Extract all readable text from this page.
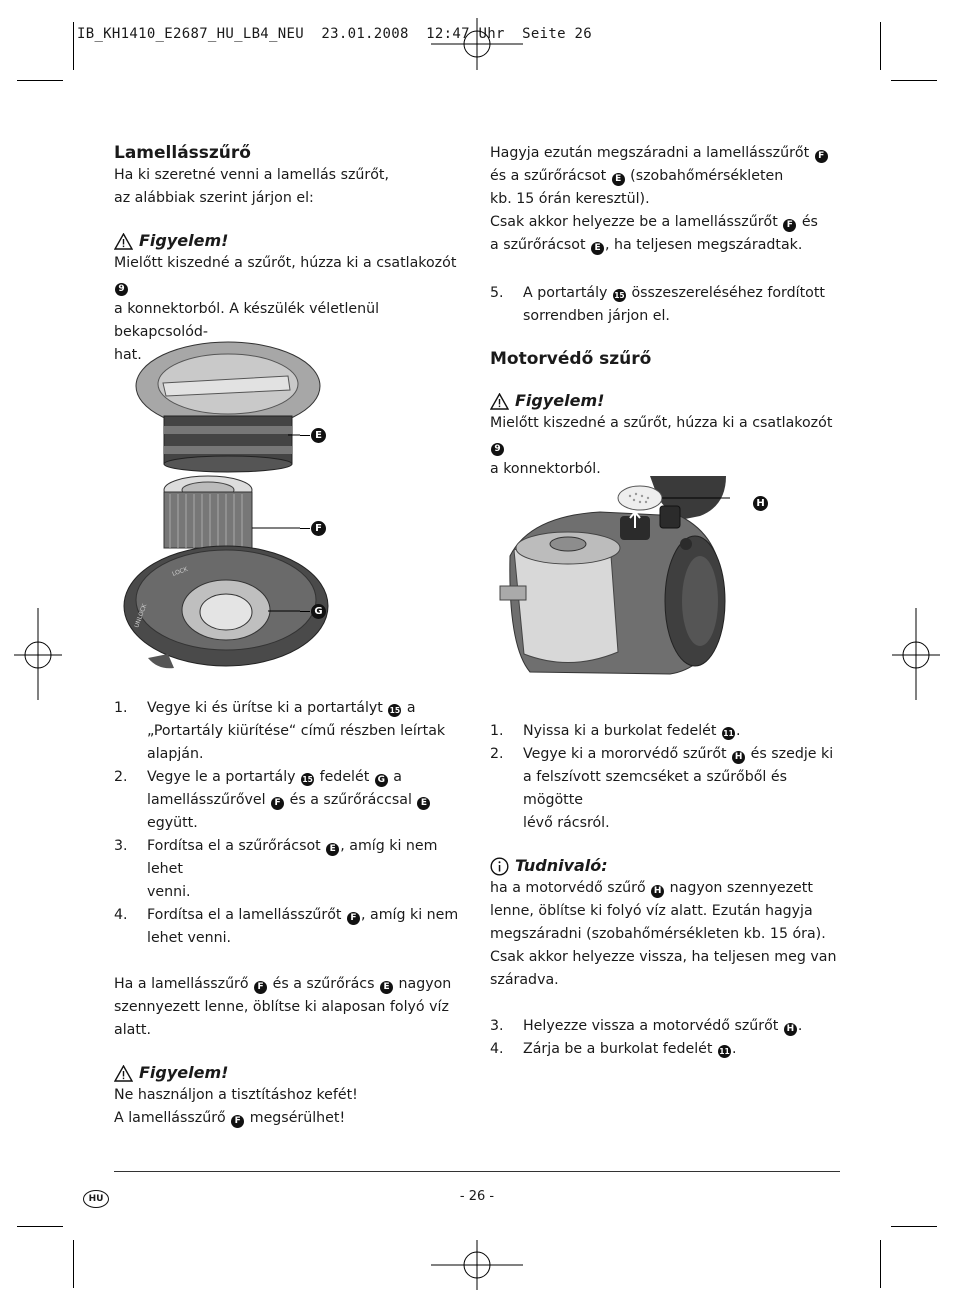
IB_KH1410_E2687_HU_LB4_NEU  23.01.2008  12:47 Uhr  Seite 26
Lamellásszűrő

Ha ki szeretné venni a lamellás szűrőt,

az alábbiak szerint járjon el:

Figyelem!

Mielőtt kiszedné a szűrőt, húzza ki a csatlakozót 9

a konnektorból. A készülék véletlenül bekapcsolód-

hat.

LOCK
UNLOCK
E
F
G
1.	Vegye ki és ürítse ki a portartályt 15 a

„Portartály kiürítése“ című részben leírtak

alapján.

2.	Vegye le a portartály 15 fedelét G a

lamellásszűrővel F és a szűrőráccsal E együtt.

3.	Fordítsa el a szűrőrácsot E , amíg ki nem lehet

venni.

4.	Fordítsa el a lamellásszűrőt F , amíg ki nem

lehet venni.

Ha a lamellásszűrő F és a szűrőrács E nagyon

szennyezett lenne, öblítse ki alaposan folyó víz alatt.

Figyelem!

Ne használjon a tisztításhoz kefét!

A lamellásszűrő F megsérülhet!

Hagyja ezután megszáradni a lamellásszűrőt F

és a szűrőrácsot E (szobahőmérsékleten

kb. 15 órán keresztül).

Csak akkor helyezze be a lamellásszűrőt F és

a szűrőrácsot E , ha teljesen megszáradtak.

5.	A portartály 15 összeszereléséhez fordított

sorrendben járjon el.

Motorvédő szűrő
Figyelem!

Mielőtt kiszedné a szűrőt, húzza ki a csatlakozót 9

a konnektorból.

H
1.	Nyissa ki a burkolat fedelét 11 .

2.	Vegye ki a mororvédő szűrőt H és szedje ki

a felszívott szemcséket a szűrőből és mögötte

lévő rácsról.

Tudnivaló:

ha a motorvédő szűrő H nagyon szennyezett

lenne, öblítse ki folyó víz alatt. Ezután hagyja

megszáradni (szobahőmérsékleten kb. 15 óra).

Csak akkor helyezze vissza, ha teljesen meg van

száradva.

3.	Helyezze vissza a motorvédő szűrőt H .

4.	Zárja be a burkolat fedelét 11 .

HU	- 26 -
